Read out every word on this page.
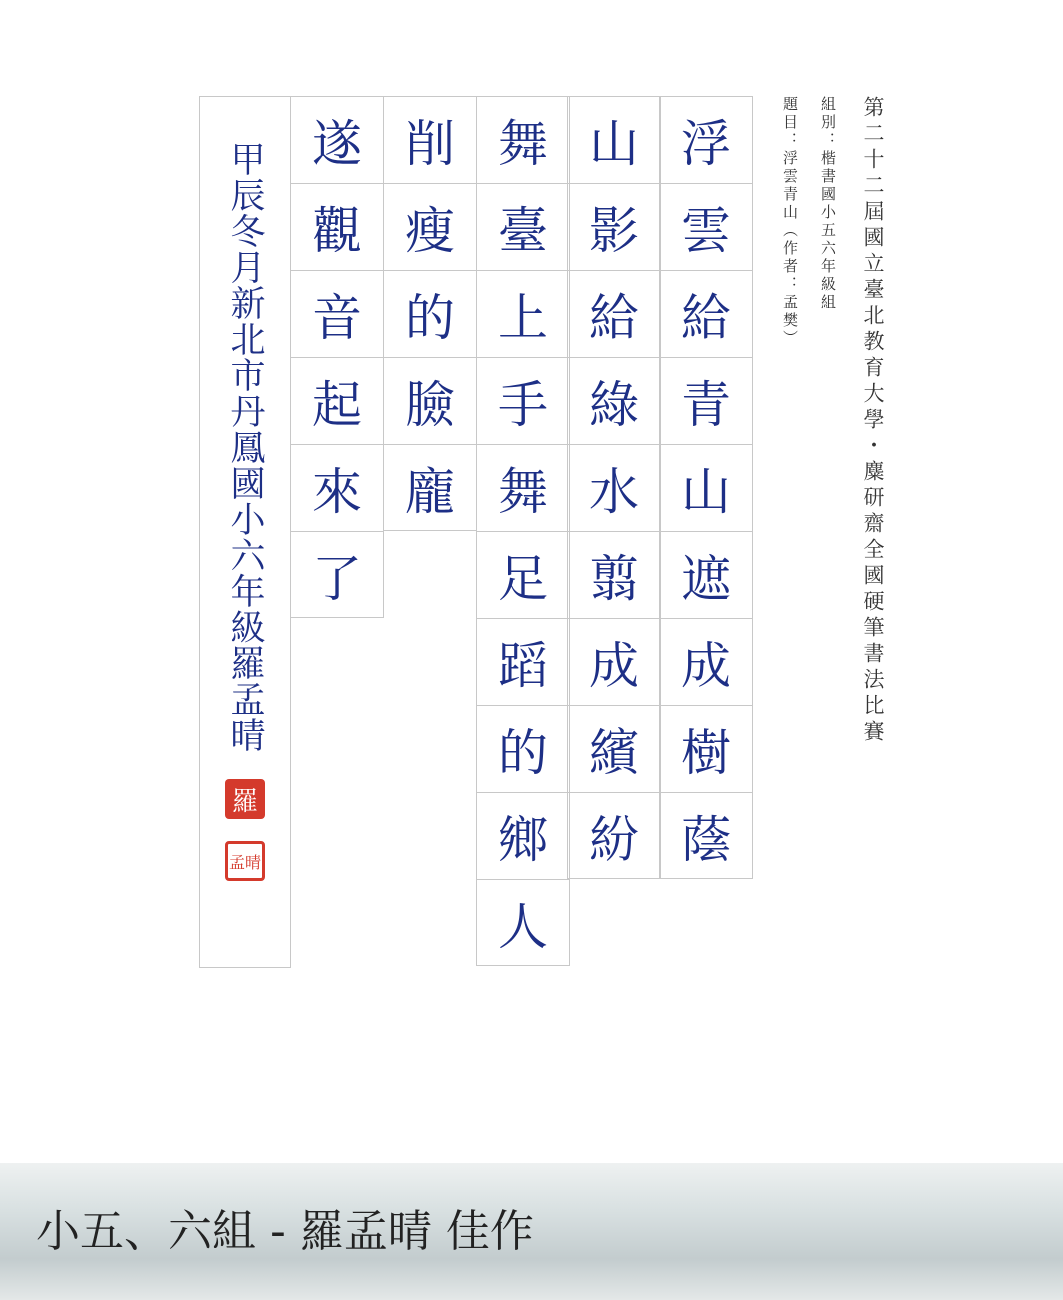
第二十二屆國立臺北教育大學・麋研齋全國硬筆書法比賽
組別：楷書國小五六年級組
題目：浮雲青山（作者：孟樊）
浮
雲
給
青
山
遮
成
樹
蔭
山
影
給
綠
水
翦
成
繽
紛
舞
臺
上
手
舞
足
蹈
的
鄉
人
削
瘦
的
臉
龐
遂
觀
音
起
來
了
甲辰冬月新北市丹鳳國小六年級羅孟晴
羅
孟晴
小五、六組 - 羅孟晴 佳作
